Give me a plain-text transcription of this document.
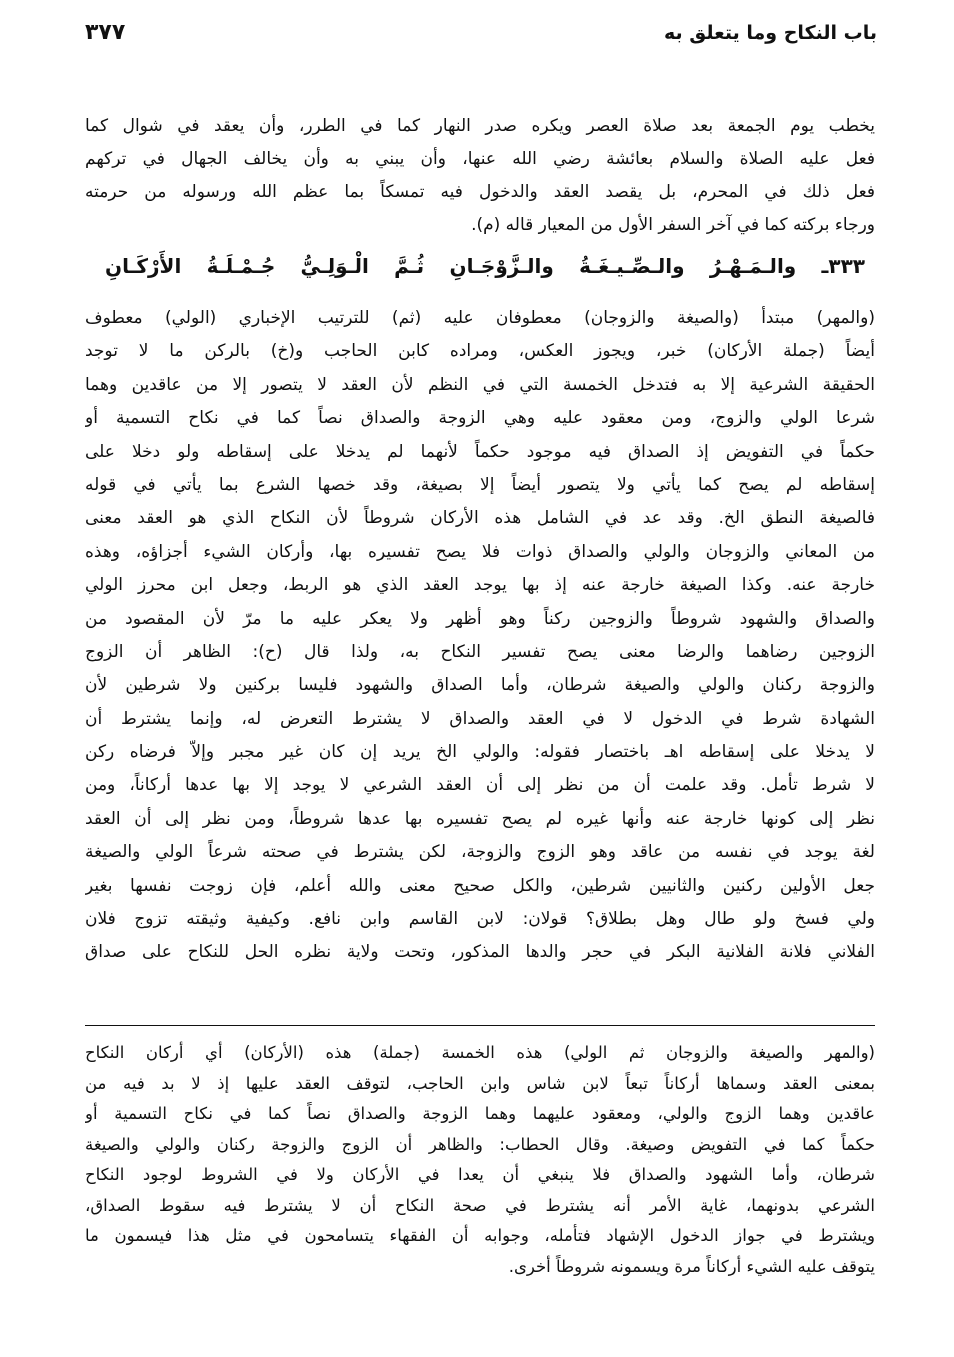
باب النكاح وما يتعلق به
٣٧٧
يخطب يوم الجمعة بعد صلاة العصر ويكره صدر النهار كما في الطرر، وأن يعقد في شوال كما
فعل عليه الصلاة والسلام بعائشة رضي الله عنها، وأن يبني به وأن يخالف الجهال في تركهم
فعل ذلك في المحرم، بل يقصد العقد والدخول فيه تمسكاً بما عظم الله ورسوله من حرمته
ورجاء بركته كما في آخر السفر الأول من المعيار قاله (م).
٣٣٣ـ والـمَـهْـرُ والـصِّـيـغَـةُ والـزَّوْجَـانِ ثُـمَّ الْـوَلِـيُّ جُـمْـلَـةُ الأَرْكَـانِ
(والمهر) مبتدأ (والصيغة والزوجان) معطوفان عليه (ثم) للترتيب الإخباري (الولي) معطوف
أيضاً (جملة الأركان) خبر، ويجوز العكس، ومراده كابن الحاجب و(خ) بالركن ما لا توجد
الحقيقة الشرعية إلا به فتدخل الخمسة التي في النظم لأن العقد لا يتصور إلا من عاقدين وهما
شرعا الولي والزوج، ومن معقود عليه وهي الزوجة والصداق نصاً كما في نكاح التسمية أو
حكماً في التفويض إذ الصداق فيه موجود حكماً لأنهما لم يدخلا على إسقاطه ولو دخلا على
إسقاطه لم يصح كما يأتي ولا يتصور أيضاً إلا بصيغة، وقد خصها الشرع بما يأتي في قوله
فالصيغة النطق الخ. وقد عد في الشامل هذه الأركان شروطاً لأن النكاح الذي هو العقد معنى
من المعاني والزوجان والولي والصداق ذوات فلا يصح تفسيره بها، وأركان الشيء أجزاؤه، وهذه
خارجة عنه. وكذا الصيغة خارجة عنه إذ بها يوجد العقد الذي هو الربط، وجعل ابن محرز الولي
والصداق والشهود شروطاً والزوجين ركناً وهو أظهر ولا يعكر عليه ما مرّ لأن المقصود من
الزوجين رضاهما والرضا معنى يصح تفسير النكاح به، ولذا قال (ح): الظاهر أن الزوج
والزوجة ركنان والولي والصيغة شرطان، وأما الصداق والشهود فليسا بركنين ولا شرطين لأن
الشهادة شرط في الدخول لا في العقد والصداق لا يشترط التعرض له، وإنما يشترط أن
لا يدخلا على إسقاطه اهـ باختصار فقوله: والولي الخ يريد إن كان غير مجبر وإلاّ فرضاه ركن
لا شرط تأمل. وقد علمت أن من نظر إلى أن العقد الشرعي لا يوجد إلا بها عدها أركاناً، ومن
نظر إلى كونها خارجة عنه وأنها غيره لم يصح تفسيره بها عدها شروطاً، ومن نظر إلى أن العقد
لغة يوجد في نفسه من عاقد وهو الزوج والزوجة، لكن يشترط في صحته شرعاً الولي والصيغة
جعل الأولين ركنين والثانيين شرطين، والكل صحيح معنى والله أعلم، فإن زوجت نفسها بغير
ولي فسخ ولو طال وهل بطلاق؟ قولان: لابن القاسم وابن نافع. وكيفية وثيقته تزوج فلان
الفلاني فلانة الفلانية البكر في حجر والدها المذكور، وتحت ولاية نظره الحل للنكاح على صداق
(والمهر والصيغة والزوجان ثم الولي) هذه الخمسة (جملة) هذه (الأركان) أي أركان النكاح
بمعنى العقد وسماها أركاناً تبعاً لابن شاس وابن الحاجب، لتوقف العقد عليها إذ لا بد فيه من
عاقدين وهما الزوج والولي، ومعقود عليهما وهما الزوجة والصداق نصاً كما في نكاح التسمية أو
حكماً كما في التفويض وصيغة. وقال الحطاب: والظاهر أن الزوج والزوجة ركنان والولي والصيغة
شرطان، وأما الشهود والصداق فلا ينبغي أن يعدا في الأركان ولا في الشروط لوجود النكاح
الشرعي بدونهما، غاية الأمر أنه يشترط في صحة النكاح أن لا يشترط فيه سقوط الصداق،
ويشترط في جواز الدخول الإشهاد فتأمله، وجوابه أن الفقهاء يتسامحون في مثل هذا فيسمون ما
يتوقف عليه الشيء أركاناً مرة ويسمونه شروطاً أخرى.
